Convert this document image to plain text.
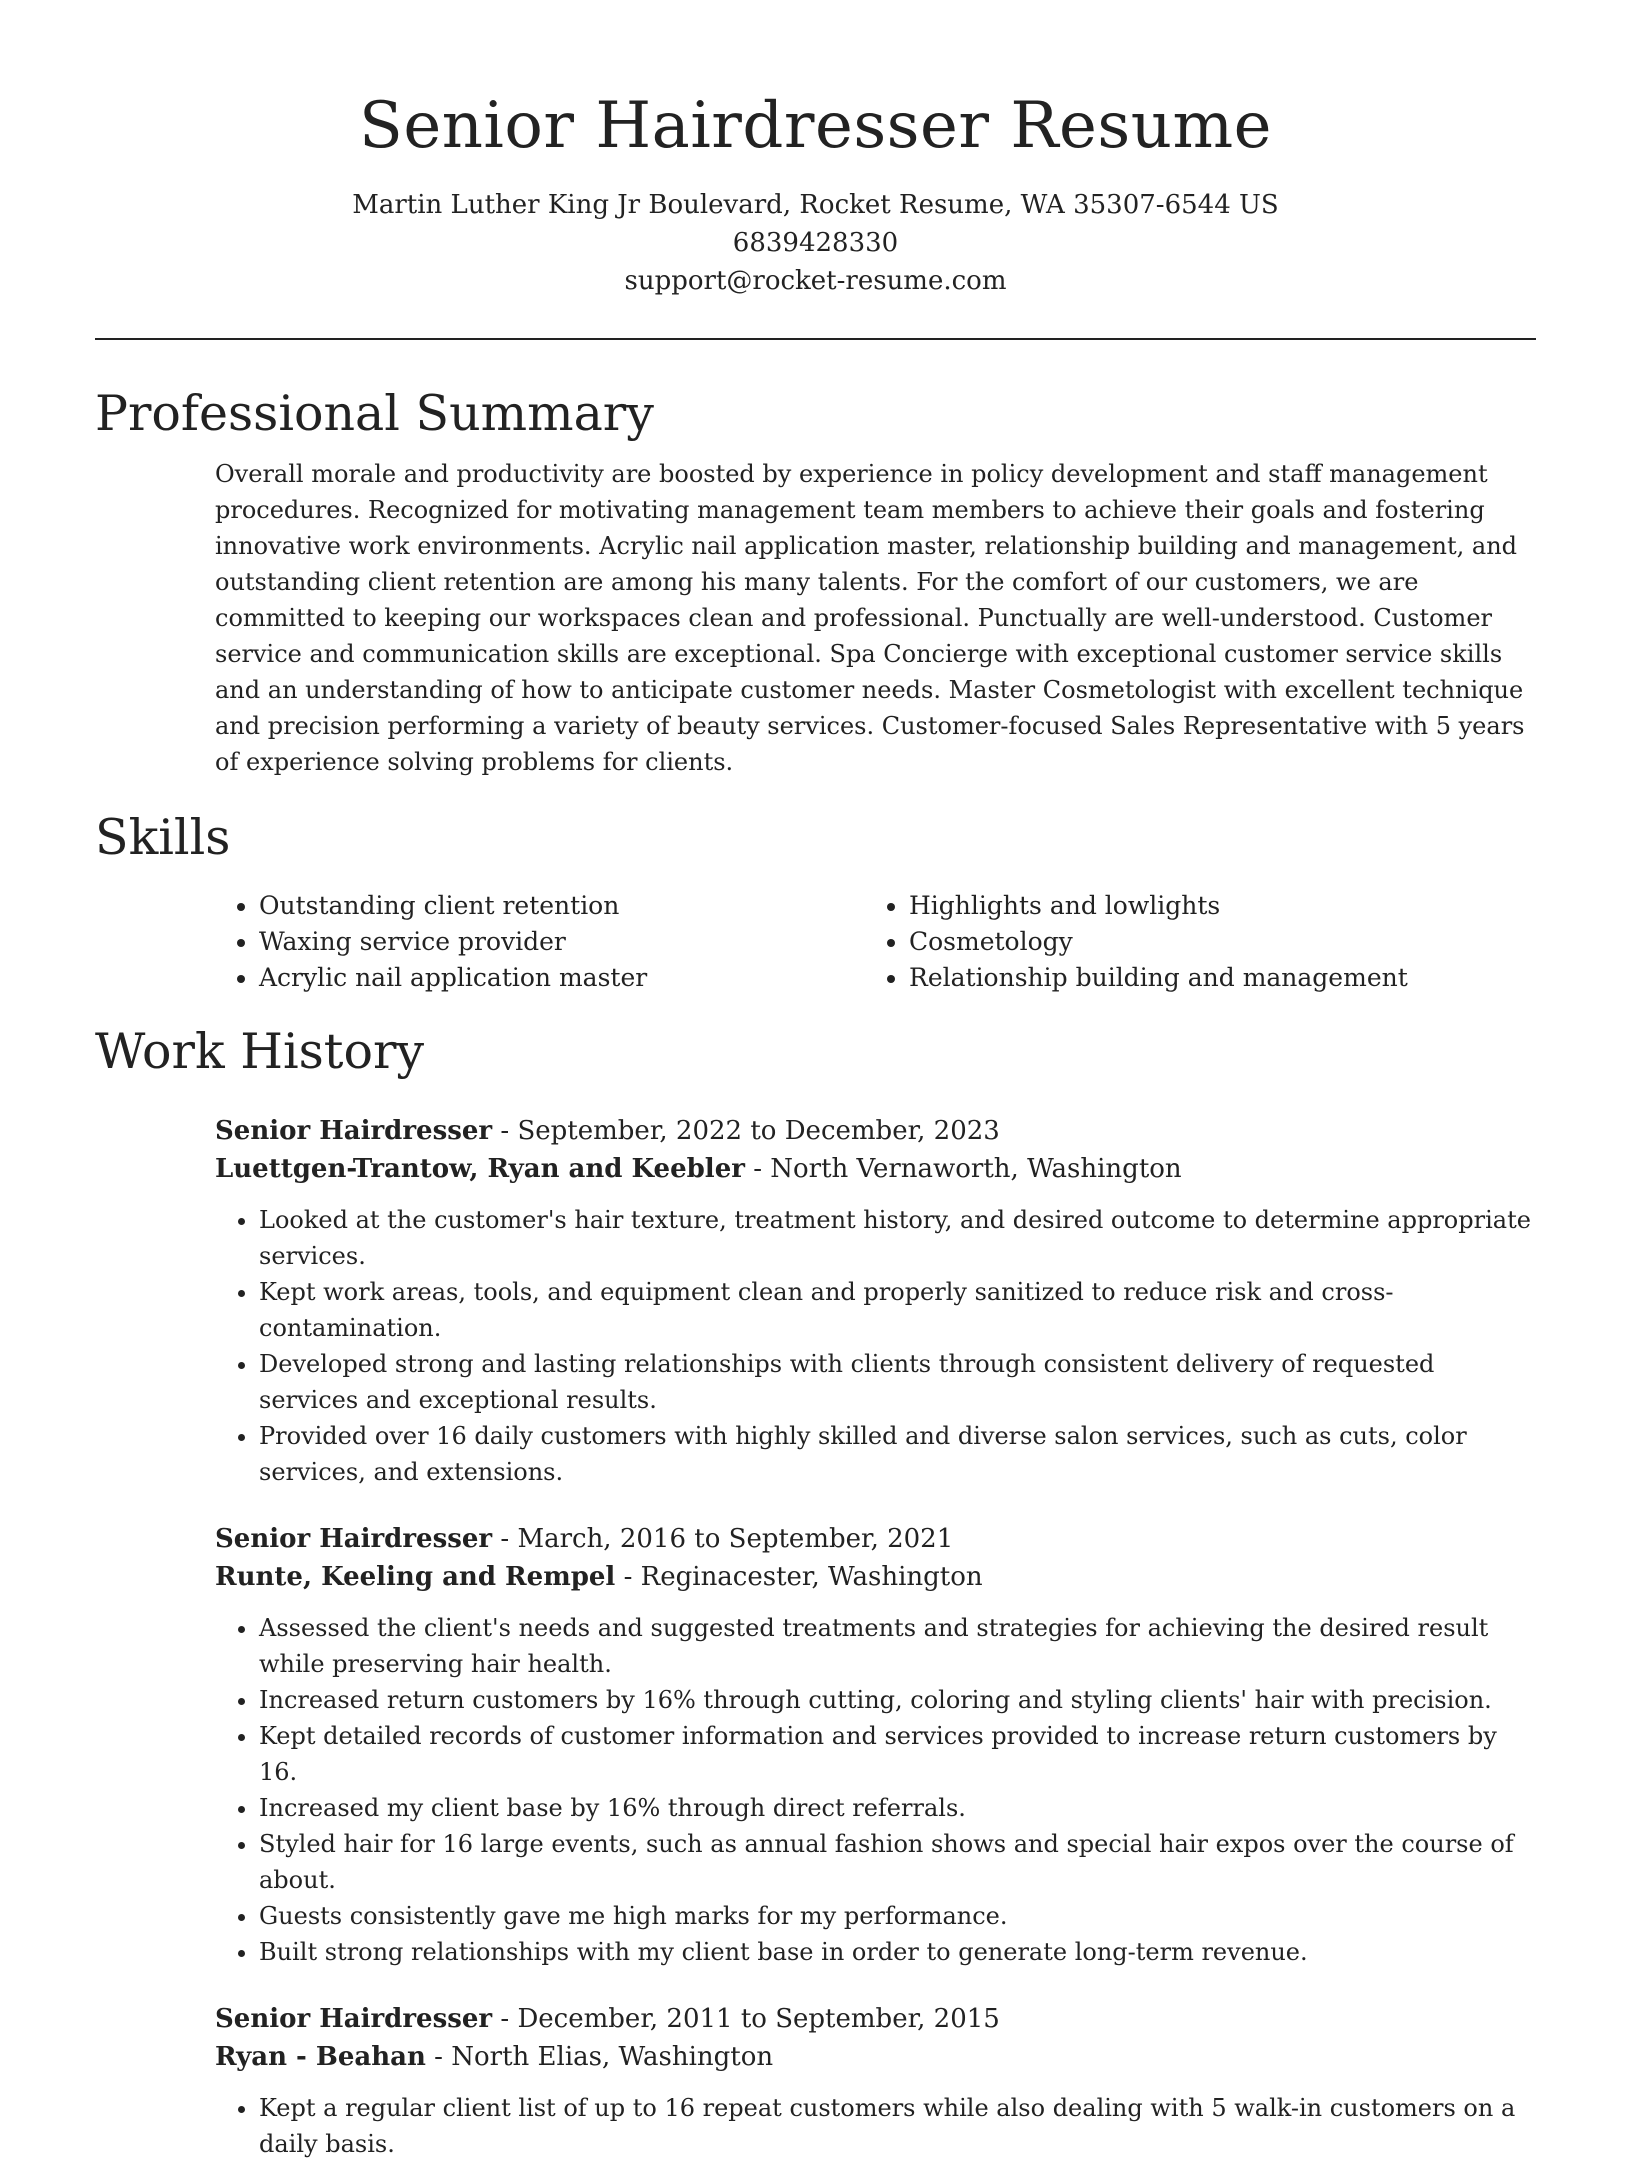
Senior Hairdresser Resume
Martin Luther King Jr Boulevard, Rocket Resume, WA 35307-6544 US
6839428330
support@rocket-resume.com
Professional Summary

Overall morale and productivity are boosted by experience in policy development and staff management procedures. Recognized for motivating management team members to achieve their goals and fostering innovative work environments. Acrylic nail application master, relationship building and management, and outstanding client retention are among his many talents. For the comfort of our customers, we are committed to keeping our workspaces clean and professional. Punctually are well-understood. Customer service and communication skills are exceptional. Spa Concierge with exceptional customer service skills and an understanding of how to anticipate customer needs. Master Cosmetologist with excellent technique and precision performing a variety of beauty services. Customer-focused Sales Representative with 5 years of experience solving problems for clients.

Skills
• Outstanding client retention
• Waxing service provider
• Acrylic nail application master
• Highlights and lowlights
• Cosmetology
• Relationship building and management
Work History
Senior Hairdresser - September, 2022 to December, 2023
Luettgen-Trantow, Ryan and Keebler - North Vernaworth, Washington
• Looked at the customer's hair texture, treatment history, and desired outcome to determine appropriate services.
• Kept work areas, tools, and equipment clean and properly sanitized to reduce risk and cross-contamination.
• Developed strong and lasting relationships with clients through consistent delivery of requested services and exceptional results.
• Provided over 16 daily customers with highly skilled and diverse salon services, such as cuts, color services, and extensions.
Senior Hairdresser - March, 2016 to September, 2021
Runte, Keeling and Rempel - Reginacester, Washington
• Assessed the client's needs and suggested treatments and strategies for achieving the desired result while preserving hair health.
• Increased return customers by 16% through cutting, coloring and styling clients' hair with precision.
• Kept detailed records of customer information and services provided to increase return customers by 16.
• Increased my client base by 16% through direct referrals.
• Styled hair for 16 large events, such as annual fashion shows and special hair expos over the course of about.
• Guests consistently gave me high marks for my performance.
• Built strong relationships with my client base in order to generate long-term revenue.
Senior Hairdresser - December, 2011 to September, 2015
Ryan - Beahan - North Elias, Washington
• Kept a regular client list of up to 16 repeat customers while also dealing with 5 walk-in customers on a daily basis.
